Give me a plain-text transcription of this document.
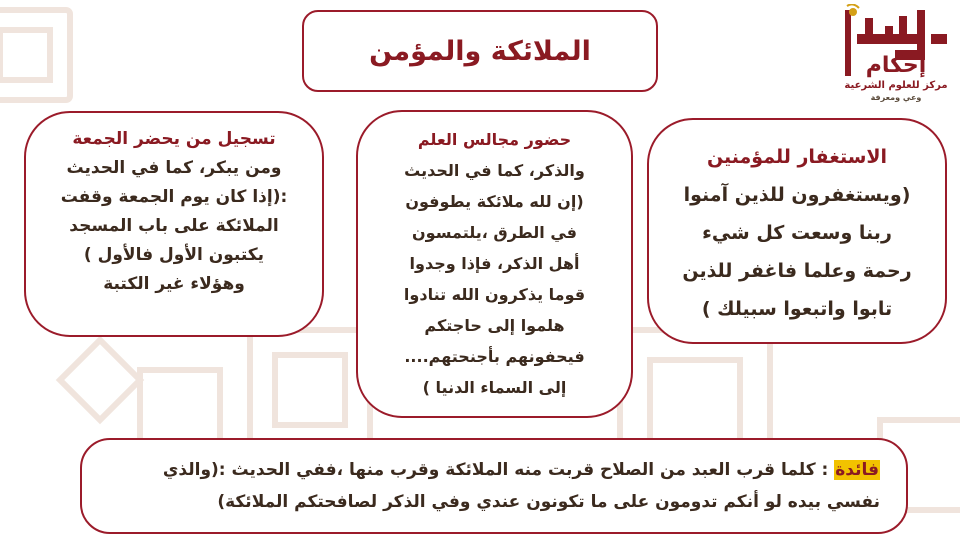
إحكام
مركز للعلوم الشرعية
وعي ومعرفة
الملائكة والمؤمن
تسجيل من يحضر الجمعة
ومن يبكر، كما في الحديث
:(إذا كان يوم الجمعة وقفت
الملائكة على باب المسجد
يكتبون الأول فالأول )
وهؤلاء غير الكتبة
حضور مجالس العلم
والذكر، كما في الحديث
(إن لله ملائكة يطوفون
في الطرق ،يلتمسون
أهل الذكر، فإذا وجدوا
قوما يذكرون الله تنادوا
هلموا إلى حاجتكم
فيحفونهم بأجنحتهم....
إلى السماء الدنيا )
الاستغفار للمؤمنين
(ويستغفرون للذين آمنوا
ربنا وسعت كل شيء
رحمة وعلما فاغفر للذين
تابوا واتبعوا سبيلك )
فائدة : كلما قرب العبد من الصلاح قربت منه الملائكة وقرب منها ،ففي الحديث :(والذي
نفسي بيده لو أنكم تدومون على ما تكونون عندي وفي الذكر لصافحتكم الملائكة)
